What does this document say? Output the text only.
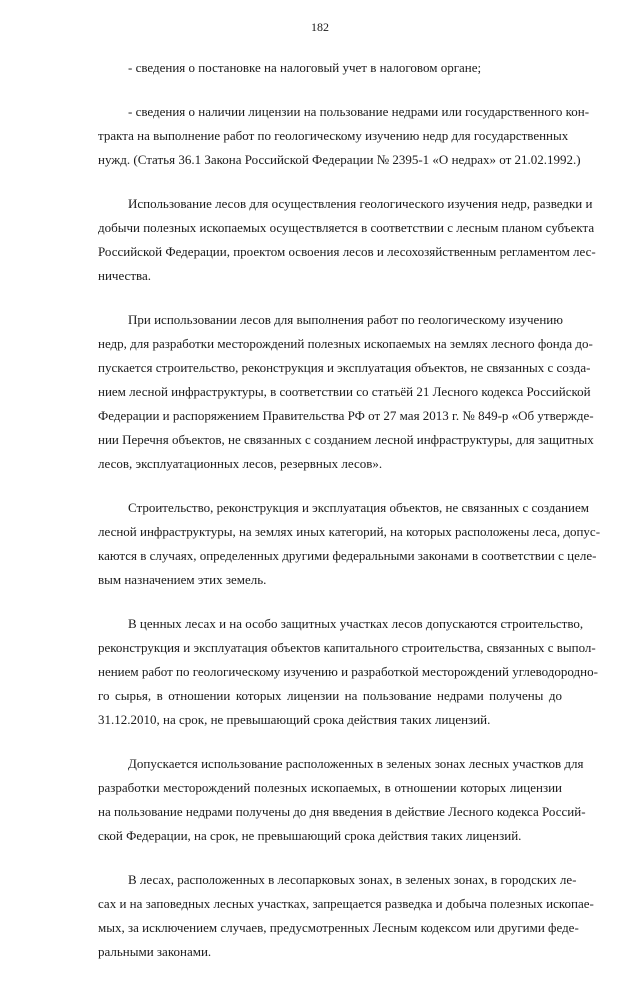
182
- сведения о постановке на налоговый учет в налоговом органе;
- сведения о наличии лицензии на пользование недрами или государственного кон-
тракта на выполнение работ по геологическому изучению недр для государственных
нужд. (Статья 36.1 Закона Российской Федерации № 2395-1 «О недрах» от 21.02.1992.)
Использование лесов для осуществления геологического изучения недр, разведки и
добычи полезных ископаемых осуществляется в соответствии с лесным планом субъекта
Российской Федерации, проектом освоения лесов и лесохозяйственным регламентом лес-
ничества.
При использовании лесов для выполнения работ по геологическому изучению
недр, для разработки месторождений полезных ископаемых на землях лесного фонда до-
пускается строительство, реконструкция и эксплуатация объектов, не связанных с созда-
нием лесной инфраструктуры, в соответствии со статьёй 21 Лесного кодекса Российской
Федерации и распоряжением Правительства РФ от 27 мая 2013 г. № 849-р «Об утвержде-
нии Перечня объектов, не связанных с созданием лесной инфраструктуры, для защитных
лесов, эксплуатационных лесов, резервных лесов».
Строительство, реконструкция и эксплуатация объектов, не связанных с созданием
лесной инфраструктуры, на землях иных категорий, на которых расположены леса, допус-
каются в случаях, определенных другими федеральными законами в соответствии с целе-
вым назначением этих земель.
В ценных лесах и на особо защитных участках лесов допускаются строительство,
реконструкция и эксплуатация объектов капитального строительства, связанных с выпол-
нением работ по геологическому изучению и разработкой месторождений углеводородно-
го сырья, в отношении которых лицензии на пользование недрами получены до
31.12.2010, на срок, не превышающий срока действия таких лицензий.
Допускается использование расположенных в зеленых зонах лесных участков для
разработки месторождений полезных ископаемых, в отношении которых лицензии
на пользование недрами получены до дня введения в действие Лесного кодекса Россий-
ской Федерации, на срок, не превышающий срока действия таких лицензий.
В лесах, расположенных в лесопарковых зонах, в зеленых зонах, в городских ле-
сах и на заповедных лесных участках, запрещается разведка и добыча полезных ископае-
мых, за исключением случаев, предусмотренных Лесным кодексом или другими феде-
ральными законами.
